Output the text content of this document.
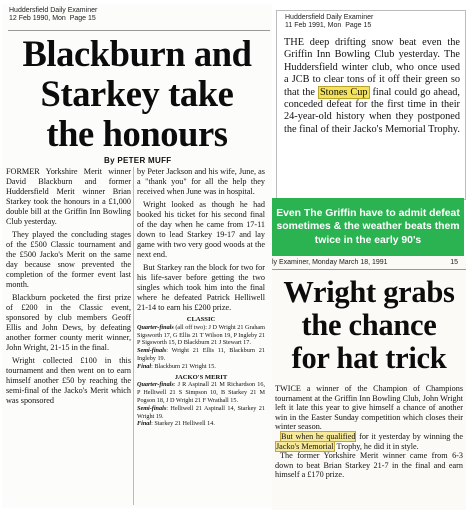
Huddersfield Daily Examiner
12 Feb 1990, Mon Page 15
Blackburn and
Starkey take
the honours
By PETER MUFF

FORMER Yorkshire Merit winner David Blackburn and former Huddersfield Merit winner Brian Starkey took the honours in a £1,000 double bill at the Griffin Inn Bowling Club yesterday.

They played the concluding stages of the £500 Classic tournament and the £500 Jacko's Merit on the same day because snow prevented the completion of the former event last month.

Blackburn pocketed the first prize of £200 in the Classic event, sponsored by club members Geoff Ellis and John Dews, by defeating another former county merit winner, John Wright, 21-15 in the final.

Wright collected £100 in this tournament and then went on to earn himself another £50 by reaching the semi-final of the Jacko's Merit which was sponsored

by Peter Jackson and his wife, June, as a "thank you" for all the help they received when June was in hospital.

Wright looked as though he had booked his ticket for his second final of the day when he came from 17-11 down to lead Starkey 19-17 and lay game with two very good woods at the next end.

But Starkey ran the block for two for his life-saver before getting the two singles which took him into the final where he defeated Patrick Helliwell 21-14 to earn his £200 prize.

CLASSIC
Quarter-finals (all off two): J D Wright 21 Graham Sigsworth 17, G Ellis 21 T Wilson 19, P Ingleby 21 P Sigsworth 15, D Blackburn 21 J Stewart 17.
Semi-finals: Wright 21 Ellis 11, Blackburn 21 Ingleby 19.
Final: Blackburn 21 Wright 15.
JACKO'S MERIT
Quarter-finals: J R Aspinall 21 M Richardson 16, P Helliwell 21 S Simpson 10, B Starkey 21 M Pogson 18, J D Wright 21 F Wrathall 15.
Semi-finals: Helliwell 21 Aspinall 14, Starkey 21 Wright 19.
Final: Starkey 21 Helliwell 14.
Huddersfield Daily Examiner
11 Feb 1991, Mon Page 15
THE deep drifting snow beat even the Griffin Inn Bowling Club yesterday. The Huddersfield winter club, who once used a JCB to clear tons of it off their green so that the Stones Cup final could go ahead, conceded defeat for the first time in their 24-year-old history when they postponed the final of their Jacko's Memorial Trophy.
Even The Griffin have to admit defeat sometimes & the weather beats them twice in the early 90's
ly Examiner, Monday March 18, 1991	15
Wright grabs
the chance
for hat trick

TWICE a winner of the Champion of Champions tournament at the Griffin Inn Bowling Club, John Wright left it late this year to give himself a chance of another win in the Easter Sunday competition which closes their winter season.

But when he qualified for it yesterday by winning the Jacko's Memorial Trophy, he did it in style.

The former Yorkshire Merit winner came from 6-3 down to beat Brian Starkey 21-7 in the final and earn himself a £170 prize.
